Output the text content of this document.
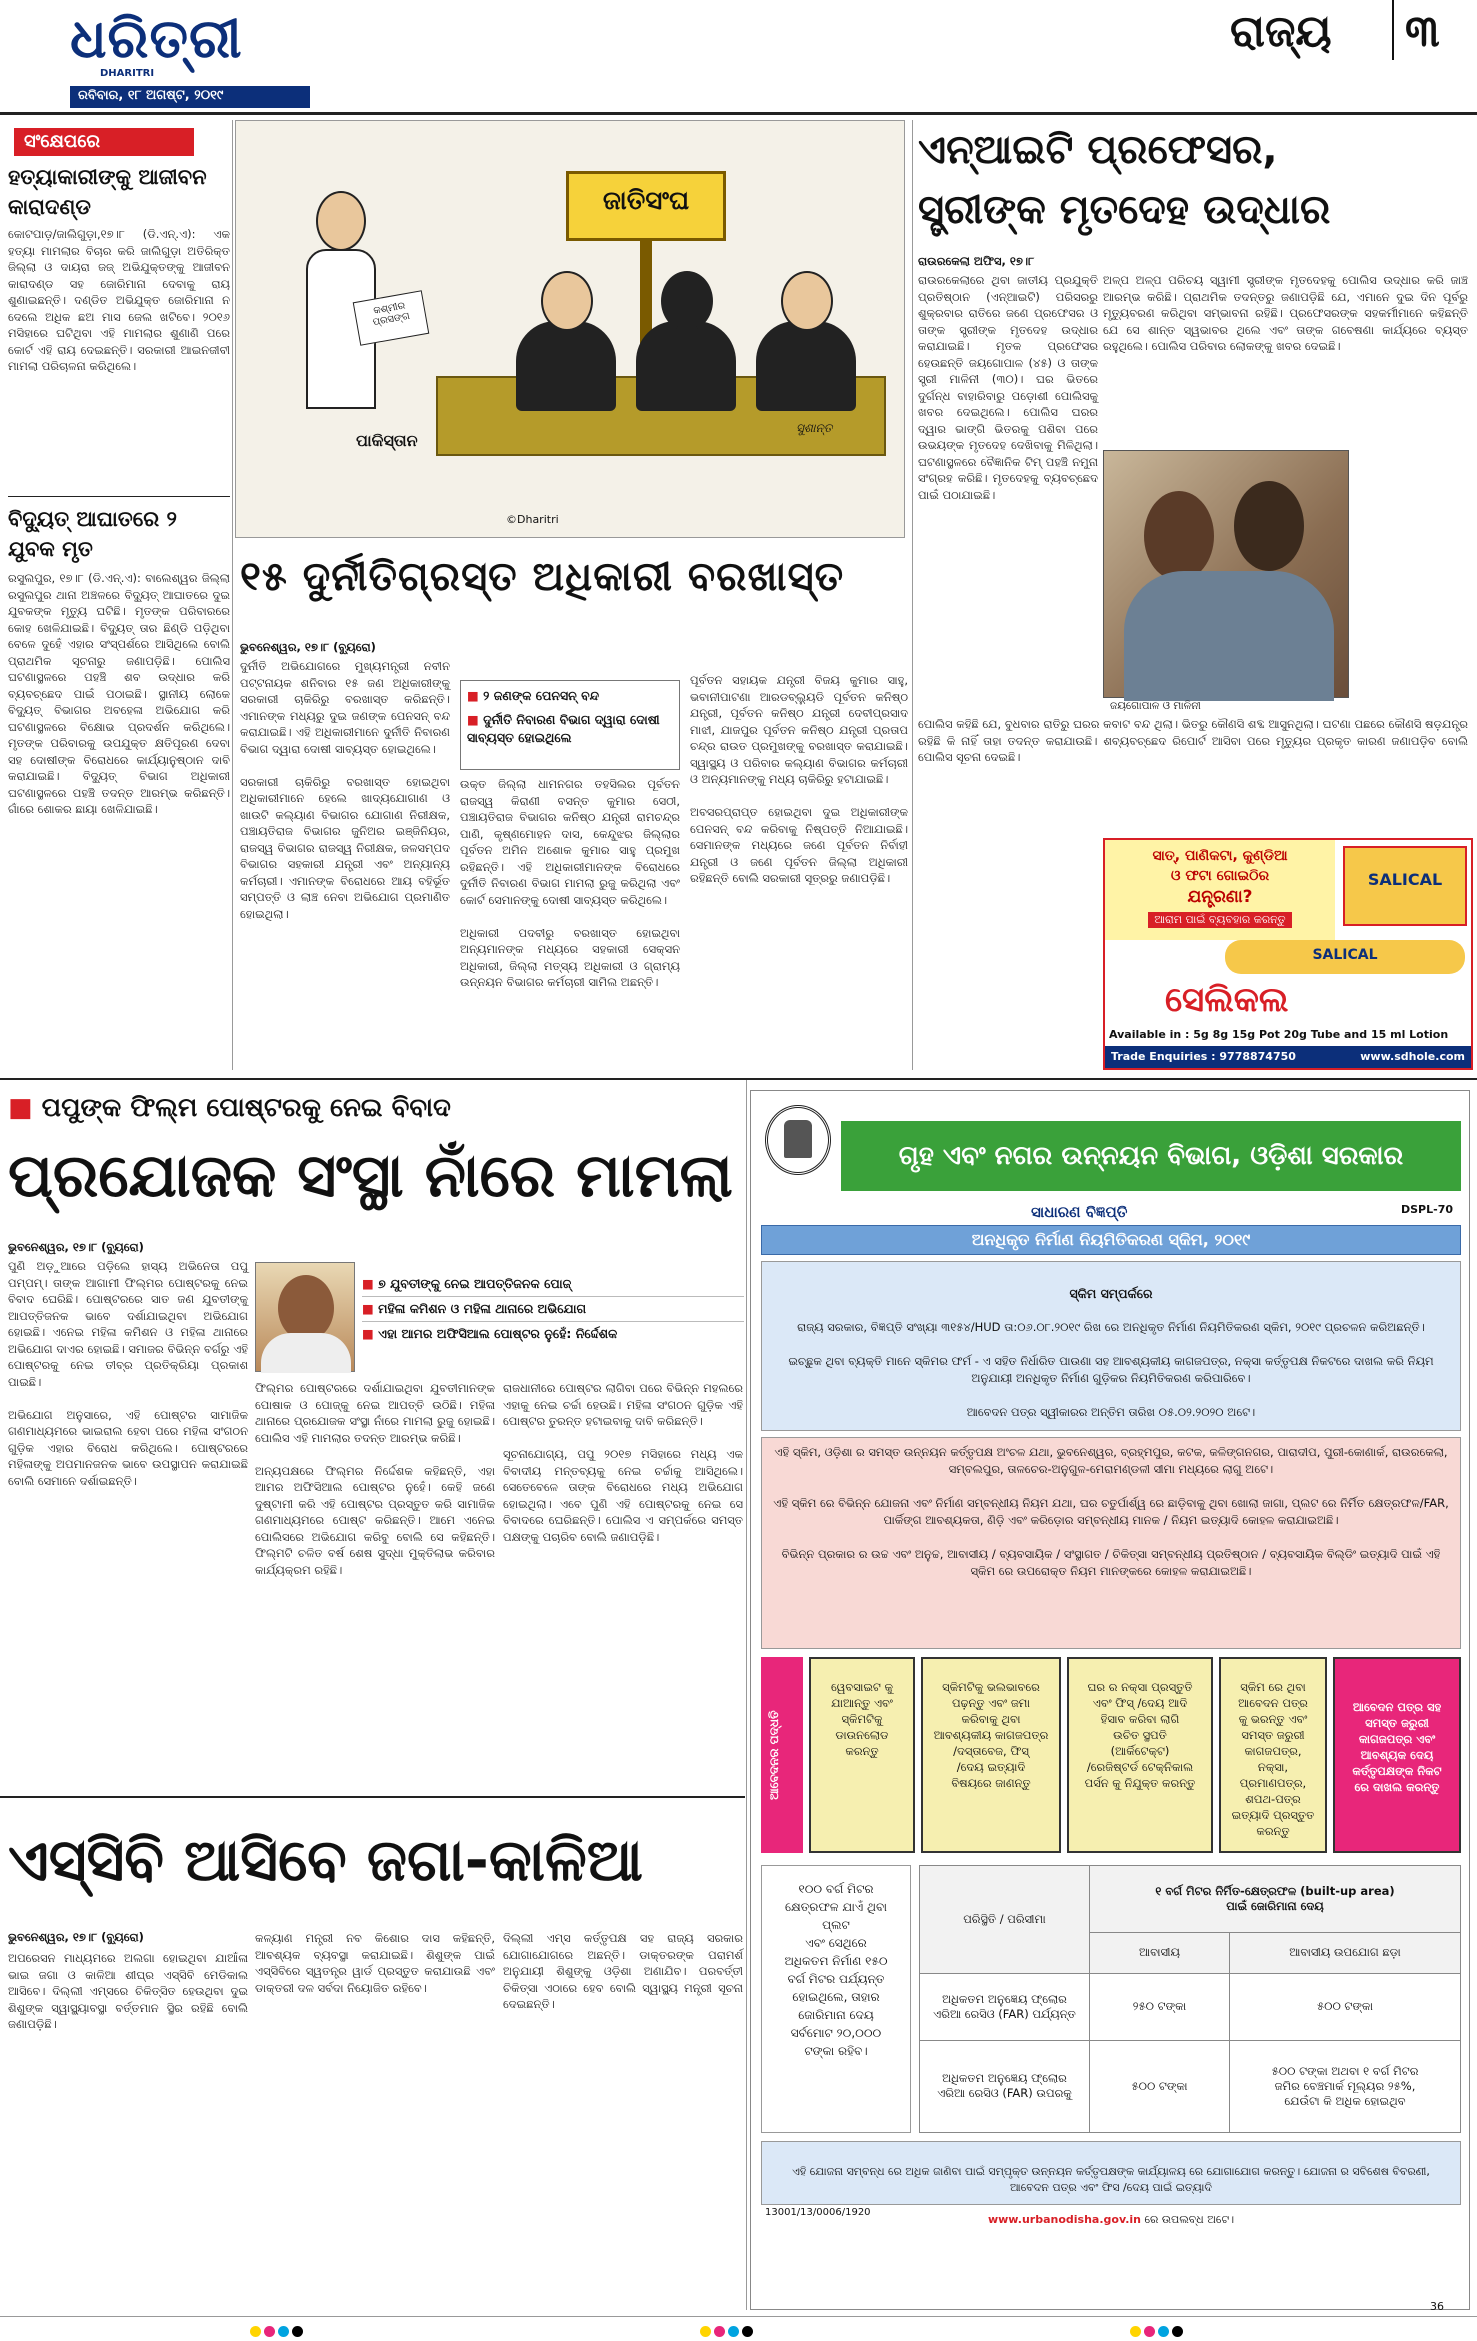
ଧରିତ୍ରୀ
DHARITRI
ରବିବାର, ୧୮ ଅଗଷ୍ଟ, ୨୦୧୯
ରାଜ୍ୟ ୩
ସଂକ୍ଷେପରେ
ହତ୍ୟାକାରୀଙ୍କୁ ଆଜୀବନ କାରାଦଣ୍ଡ
କୋଟପାଡ଼/ଜାଲିଗୁଡ଼ା,୧୭।୮ (ଡି.ଏନ୍.ଏ): ଏକ ହତ୍ୟା ମାମଲାର ବିଚାର କରି ଜାଲିଗୁଡ଼ା ଅତିରିକ୍ତ ଜିଲ୍ଲା ଓ ଦାୟରା ଜଜ୍ ଅଭିଯୁକ୍ତଙ୍କୁ ଆଜୀବନ କାରାଦଣ୍ଡ ସହ ଜୋରିମାନା ଦେବାକୁ ରାୟ ଶୁଣାଇଛନ୍ତି। ଦଣ୍ଡିତ ଅଭିଯୁକ୍ତ ଜୋରିମାନା ନ ଦେଲେ ଅଧିକ ଛଅ ମାସ ଜେଲ ଖଟିବେ। ୨୦୧୬ ମସିହାରେ ଘଟିଥିବା ଏହି ମାମଲାର ଶୁଣାଣି ପରେ କୋର୍ଟ ଏହି ରାୟ ଦେଇଛନ୍ତି। ସରକାରୀ ଆଇନଜୀବୀ ମାମଲା ପରିଚାଳନା କରିଥିଲେ।
ବିଦ୍ୟୁତ୍ ଆଘାତରେ ୨ ଯୁବକ ମୃତ
ରସୁଲପୁର, ୧୭।୮ (ଡି.ଏନ୍.ଏ): ବାଲେଶ୍ୱର ଜିଲ୍ଲା ରସୁଲପୁର ଥାନା ଅଞ୍ଚଳରେ ବିଦ୍ୟୁତ୍ ଆଘାତରେ ଦୁଇ ଯୁବକଙ୍କ ମୃତ୍ୟୁ ଘଟିଛି। ମୃତଙ୍କ ପରିବାରରେ କୋହ ଖେଳିଯାଇଛି। ବିଦ୍ୟୁତ୍ ତାର ଛିଣ୍ଡି ପଡ଼ିଥିବା ବେଳେ ଦୁହେଁ ଏହାର ସଂସ୍ପର୍ଶରେ ଆସିଥିଲେ ବୋଲି ପ୍ରାଥମିକ ସୂଚନାରୁ ଜଣାପଡ଼ିଛି। ପୋଲିସ ଘଟଣାସ୍ଥଳରେ ପହଞ୍ଚି ଶବ ଉଦ୍ଧାର କରି ବ୍ୟବଚ୍ଛେଦ ପାଇଁ ପଠାଇଛି। ସ୍ଥାନୀୟ ଲୋକେ ବିଦ୍ୟୁତ୍ ବିଭାଗର ଅବହେଳା ଅଭିଯୋଗ କରି ଘଟଣାସ୍ଥଳରେ ବିକ୍ଷୋଭ ପ୍ରଦର୍ଶନ କରିଥିଲେ। ମୃତଙ୍କ ପରିବାରକୁ ଉପଯୁକ୍ତ କ୍ଷତିପୂରଣ ଦେବା ସହ ଦୋଷୀଙ୍କ ବିରୋଧରେ କାର୍ଯ୍ୟାନୁଷ୍ଠାନ ଦାବି କରାଯାଇଛି। ବିଦ୍ୟୁତ୍ ବିଭାଗ ଅଧିକାରୀ ଘଟଣାସ୍ଥଳରେ ପହଞ୍ଚି ତଦନ୍ତ ଆରମ୍ଭ କରିଛନ୍ତି। ଗାଁରେ ଶୋକର ଛାୟା ଖେଳିଯାଇଛି।
ଜାତିସଂଘ
କଶ୍ମୀର ପ୍ରସଙ୍ଗ
ପାକିସ୍ତାନ
©Dharitri
ସୁଶାନ୍ତ
ଏନ୍‌ଆଇଟି ପ୍ରଫେସର,
ସ୍ତ୍ରୀଙ୍କ ମୃତଦେହ ଉଦ୍ଧାର
ରାଉରକେଲା ଅଫିସ, ୧୭।୮
ରାଉରକେଲାରେ ଥିବା ଜାତୀୟ ପ୍ରଯୁକ୍ତି ପ୍ରତିଷ୍ଠାନ (ଏନ୍‌ଆଇଟି) ପରିସରରୁ ଶୁକ୍ରବାର ରାତିରେ ଜଣେ ପ୍ରଫେସର ଓ ତାଙ୍କ ସ୍ତ୍ରୀଙ୍କ ମୃତଦେହ ଉଦ୍ଧାର କରାଯାଇଛି। ମୃତକ ପ୍ରଫେସର ହେଉଛନ୍ତି ଜୟଗୋପାଳ (୪୫) ଓ ତାଙ୍କ ସ୍ତ୍ରୀ ମାଳିନୀ (୩୦)। ଘର ଭିତରେ ଦୁର୍ଗନ୍ଧ ବାହାରିବାରୁ ପଡ଼ୋଶୀ ପୋଲିସକୁ ଖବର ଦେଇଥିଲେ। ପୋଲିସ ଘରର ଦ୍ୱାର ଭାଙ୍ଗି ଭିତରକୁ ପଶିବା ପରେ ଉଭୟଙ୍କ ମୃତଦେହ ଦେଖିବାକୁ ମିଳିଥିଲା। ଘଟଣାସ୍ଥଳରେ ବୈଜ୍ଞାନିକ ଟିମ୍ ପହଞ୍ଚି ନମୁନା ସଂଗ୍ରହ କରିଛି। ମୃତଦେହକୁ ବ୍ୟବଚ୍ଛେଦ ପାଇଁ ପଠାଯାଇଛି।
ଅଳ୍ପ ଅଳ୍ପ ପରିଚୟ ସ୍ୱାମୀ ସ୍ତ୍ରୀଙ୍କ ମୃତଦେହକୁ ପୋଲିସ ଉଦ୍ଧାର କରି ଜାଞ୍ଚ ଆରମ୍ଭ କରିଛି। ପ୍ରାଥମିକ ତଦନ୍ତରୁ ଜଣାପଡ଼ିଛି ଯେ, ଏମାନେ ଦୁଇ ଦିନ ପୂର୍ବରୁ ମୃତ୍ୟୁବରଣ କରିଥିବା ସମ୍ଭାବନା ରହିଛି। ପ୍ରଫେସରଙ୍କ ସହକର୍ମୀମାନେ କହିଛନ୍ତି ଯେ ସେ ଶାନ୍ତ ସ୍ୱଭାବର ଥିଲେ ଏବଂ ତାଙ୍କ ଗବେଷଣା କାର୍ଯ୍ୟରେ ବ୍ୟସ୍ତ ରହୁଥିଲେ। ପୋଲିସ ପରିବାର ଲୋକଙ୍କୁ ଖବର ଦେଇଛି।
ଜୟଗୋପାଳ ଓ ମାଳିନୀ
ପୋଲିସ କହିଛି ଯେ, ବୁଧବାର ରାତିରୁ ଘରର କବାଟ ବନ୍ଦ ଥିଲା। ଭିତରୁ କୌଣସି ଶବ୍ଦ ଆସୁନଥିଲା। ଘଟଣା ପଛରେ କୌଣସି ଷଡ଼ଯନ୍ତ୍ର ରହିଛି କି ନାହିଁ ତାହା ତଦନ୍ତ କରାଯାଉଛି। ଶବ୍ୟବଚ୍ଛେଦ ରିପୋର୍ଟ ଆସିବା ପରେ ମୃତ୍ୟୁର ପ୍ରକୃତ କାରଣ ଜଣାପଡ଼ିବ ବୋଲି ପୋଲିସ ସୂଚନା ଦେଇଛି।
୧୫ ଦୁର୍ନୀତିଗ୍ରସ୍ତ ଅଧିକାରୀ ବରଖାସ୍ତ
ଭୁବନେଶ୍ୱର, ୧୭।୮ (ବ୍ୟୁରୋ)
ଦୁର୍ନୀତି ଅଭିଯୋଗରେ ମୁଖ୍ୟମନ୍ତ୍ରୀ ନବୀନ ପଟ୍ଟନାୟକ ଶନିବାର ୧୫ ଜଣ ଅଧିକାରୀଙ୍କୁ ସରକାରୀ ଚାକିରିରୁ ବରଖାସ୍ତ କରିଛନ୍ତି। ଏମାନଙ୍କ ମଧ୍ୟରୁ ଦୁଇ ଜଣଙ୍କ ପେନସନ୍ ବନ୍ଦ କରାଯାଇଛି। ଏହି ଅଧିକାରୀମାନେ ଦୁର୍ନୀତି ନିବାରଣ ବିଭାଗ ଦ୍ୱାରା ଦୋଷୀ ସାବ୍ୟସ୍ତ ହୋଇଥିଲେ।

ସରକାରୀ ଚାକିରିରୁ ବରଖାସ୍ତ ହୋଇଥିବା ଅଧିକାରୀମାନେ ହେଲେ ଖାଦ୍ୟଯୋଗାଣ ଓ ଖାଉଟି କଲ୍ୟାଣ ବିଭାଗର ଯୋଗାଣ ନିରୀକ୍ଷକ, ପଞ୍ଚାୟତିରାଜ ବିଭାଗର ଜୁନିଅର ଇଞ୍ଜିନିୟର, ରାଜସ୍ୱ ବିଭାଗର ରାଜସ୍ୱ ନିରୀକ୍ଷକ, ଜଳସମ୍ପଦ ବିଭାଗର ସହକାରୀ ଯନ୍ତ୍ରୀ ଏବଂ ଅନ୍ୟାନ୍ୟ କର୍ମଚାରୀ। ଏମାନଙ୍କ ବିରୋଧରେ ଆୟ ବହିର୍ଭୂତ ସମ୍ପତ୍ତି ଓ ଲାଞ୍ଚ ନେବା ଅଭିଯୋଗ ପ୍ରମାଣିତ ହୋଇଥିଲା।
■ ୨ ଜଣଙ୍କ ପେନସନ୍ ବନ୍ଦ
■ ଦୁର୍ନୀତି ନିବାରଣ ବିଭାଗ ଦ୍ୱାରା ଦୋଷୀ ସାବ୍ୟସ୍ତ ହୋଇଥିଲେ
ଉକ୍ତ ଜିଲ୍ଲା ଧାମନଗର ତହସିଲର ପୂର୍ବତନ ରାଜସ୍ୱ କିରାଣୀ ବସନ୍ତ କୁମାର ସେଠୀ, ପଞ୍ଚାୟତିରାଜ ବିଭାଗର କନିଷ୍ଠ ଯନ୍ତ୍ରୀ ରାମଚନ୍ଦ୍ର ପାଣି, କୃଷ୍ଣମୋହନ ଦାସ, କେନ୍ଦୁଝର ଜିଲ୍ଲାର ପୂର୍ବତନ ଅମିନ ଅଶୋକ କୁମାର ସାହୁ ପ୍ରମୁଖ ରହିଛନ୍ତି। ଏହି ଅଧିକାରୀମାନଙ୍କ ବିରୋଧରେ ଦୁର୍ନୀତି ନିବାରଣ ବିଭାଗ ମାମଲା ରୁଜୁ କରିଥିଲା ଏବଂ କୋର୍ଟ ସେମାନଙ୍କୁ ଦୋଷୀ ସାବ୍ୟସ୍ତ କରିଥିଲେ।

ଅଧିକାରୀ ପଦବୀରୁ ବରଖାସ୍ତ ହୋଇଥିବା ଅନ୍ୟମାନଙ୍କ ମଧ୍ୟରେ ସହକାରୀ ସେକ୍ସନ ଅଧିକାରୀ, ଜିଲ୍ଲା ମତ୍ସ୍ୟ ଅଧିକାରୀ ଓ ଗ୍ରାମ୍ୟ ଉନ୍ନୟନ ବିଭାଗର କର୍ମଚାରୀ ସାମିଲ ଅଛନ୍ତି।
ପୂର୍ବତନ ସହାୟକ ଯନ୍ତ୍ରୀ ବିଜୟ କୁମାର ସାହୁ, ଭବାନୀପାଟଣା ଆରଡବ୍ଲ୍ୟୁଡି ପୂର୍ବତନ କନିଷ୍ଠ ଯନ୍ତ୍ରୀ, ପୂର୍ବତନ କନିଷ୍ଠ ଯନ୍ତ୍ରୀ ଦେବୀପ୍ରସାଦ ମାଝୀ, ଯାଜପୁର ପୂର୍ବତନ କନିଷ୍ଠ ଯନ୍ତ୍ରୀ ପ୍ରତାପ ଚନ୍ଦ୍ର ରାଉତ ପ୍ରମୁଖଙ୍କୁ ବରଖାସ୍ତ କରାଯାଇଛି। ସ୍ୱାସ୍ଥ୍ୟ ଓ ପରିବାର କଲ୍ୟାଣ ବିଭାଗର କର୍ମଚାରୀ ଓ ଅନ୍ୟମାନଙ୍କୁ ମଧ୍ୟ ଚାକିରିରୁ ହଟାଯାଇଛି।

ଅବସରପ୍ରାପ୍ତ ହୋଇଥିବା ଦୁଇ ଅଧିକାରୀଙ୍କ ପେନସନ୍ ବନ୍ଦ କରିବାକୁ ନିଷ୍ପତ୍ତି ନିଆଯାଇଛି। ସେମାନଙ୍କ ମଧ୍ୟରେ ଜଣେ ପୂର୍ବତନ ନିର୍ବାହୀ ଯନ୍ତ୍ରୀ ଓ ଜଣେ ପୂର୍ବତନ ଜିଲ୍ଲା ଅଧିକାରୀ ରହିଛନ୍ତି ବୋଲି ସରକାରୀ ସୂତ୍ରରୁ ଜଣାପଡ଼ିଛି।
ସାତ୍, ପାଣିକଟା, କୁଣ୍ଡିଆ
ଓ ଫଟା ଗୋଇଠିର
ଯନ୍ତ୍ରଣା?
ଆରାମ ପାଇଁ ବ୍ୟବହାର କରନ୍ତୁ
SALICAL
SALICAL
ସେଲିକଲ
Available in : 5g 8g 15g Pot 20g Tube and 15 ml Lotion
Trade Enquiries : 9778874750	www.sdhole.com
■ ପପୁଙ୍କ ଫିଲ୍ମ ପୋଷ୍ଟରକୁ ନେଇ ବିବାଦ
ପ୍ରଯୋଜକ ସଂସ୍ଥା ନାଁରେ ମାମଲା
ଭୁବନେଶ୍ୱର, ୧୭।୮ (ବ୍ୟୁରୋ)
ପୁଣି ଅଡ଼ୁଆରେ ପଡ଼ିଲେ ହାସ୍ୟ ଅଭିନେତା ପପୁ ପମ୍‌ପମ୍। ତାଙ୍କ ଆଗାମୀ ଫିଲ୍ମର ପୋଷ୍ଟରକୁ ନେଇ ବିବାଦ ଘେରିଛି। ପୋଷ୍ଟରରେ ସାତ ଜଣ ଯୁବତୀଙ୍କୁ ଆପତ୍ତିଜନକ ଭାବେ ଦର୍ଶାଯାଇଥିବା ଅଭିଯୋଗ ହୋଇଛି। ଏନେଇ ମହିଳା କମିଶନ ଓ ମହିଳା ଥାନାରେ ଅଭିଯୋଗ ଦାଏର ହୋଇଛି। ସମାଜର ବିଭିନ୍ନ ବର୍ଗରୁ ଏହି ପୋଷ୍ଟରକୁ ନେଇ ତୀବ୍ର ପ୍ରତିକ୍ରିୟା ପ୍ରକାଶ ପାଇଛି।

ଅଭିଯୋଗ ଅନୁସାରେ, ଏହି ପୋଷ୍ଟର ସାମାଜିକ ଗଣମାଧ୍ୟମରେ ଭାଇରାଲ ହେବା ପରେ ମହିଳା ସଂଗଠନ ଗୁଡ଼ିକ ଏହାର ବିରୋଧ କରିଥିଲେ। ପୋଷ୍ଟରରେ ମହିଳାଙ୍କୁ ଅପମାନଜନକ ଭାବେ ଉପସ୍ଥାପନ କରାଯାଇଛି ବୋଲି ସେମାନେ ଦର୍ଶାଇଛନ୍ତି।
■ ୭ ଯୁବତୀଙ୍କୁ ନେଇ ଆପତ୍ତିଜନକ ପୋଜ୍
■ ମହିଳା କମିଶନ ଓ ମହିଳା ଥାନାରେ ଅଭିଯୋଗ
■ ଏହା ଆମର ଅଫିସିଆଲ ପୋଷ୍ଟର ନୁହେଁ: ନିର୍ଦ୍ଦେଶକ
ଫିଲ୍ମର ପୋଷ୍ଟରରେ ଦର୍ଶାଯାଇଥିବା ଯୁବତୀମାନଙ୍କ ପୋଷାକ ଓ ପୋଜ୍‌କୁ ନେଇ ଆପତ୍ତି ଉଠିଛି। ମହିଳା ଥାନାରେ ପ୍ରଯୋଜକ ସଂସ୍ଥା ନାଁରେ ମାମଲା ରୁଜୁ ହୋଇଛି। ପୋଲିସ ଏହି ମାମଲାର ତଦନ୍ତ ଆରମ୍ଭ କରିଛି।

ଅନ୍ୟପକ୍ଷରେ ଫିଲ୍ମର ନିର୍ଦ୍ଦେଶକ କହିଛନ୍ତି, ଏହା ଆମର ଅଫିସିଆଲ ପୋଷ୍ଟର ନୁହେଁ। କେହି ଜଣେ ଦୁଷ୍ଟାମୀ କରି ଏହି ପୋଷ୍ଟର ପ୍ରସ୍ତୁତ କରି ସାମାଜିକ ଗଣମାଧ୍ୟମରେ ପୋଷ୍ଟ କରିଛନ୍ତି। ଆମେ ଏନେଇ ପୋଲିସରେ ଅଭିଯୋଗ କରିବୁ ବୋଲି ସେ କହିଛନ୍ତି। ଫିଲ୍ମଟି ଚଳିତ ବର୍ଷ ଶେଷ ସୁଦ୍ଧା ମୁକ୍ତିଲାଭ କରିବାର କାର୍ଯ୍ୟକ୍ରମ ରହିଛି।
ରାଜଧାନୀରେ ପୋଷ୍ଟର ଲାଗିବା ପରେ ବିଭିନ୍ନ ମହଲରେ ଏହାକୁ ନେଇ ଚର୍ଚ୍ଚା ହେଉଛି। ମହିଳା ସଂଗଠନ ଗୁଡ଼ିକ ଏହି ପୋଷ୍ଟର ତୁରନ୍ତ ହଟାଇବାକୁ ଦାବି କରିଛନ୍ତି।

ସୂଚନାଯୋଗ୍ୟ, ପପୁ ୨୦୧୭ ମସିହାରେ ମଧ୍ୟ ଏକ ବିବାଦୀୟ ମନ୍ତବ୍ୟକୁ ନେଇ ଚର୍ଚ୍ଚାକୁ ଆସିଥିଲେ। ସେତେବେଳେ ତାଙ୍କ ବିରୋଧରେ ମଧ୍ୟ ଅଭିଯୋଗ ହୋଇଥିଲା। ଏବେ ପୁଣି ଏହି ପୋଷ୍ଟରକୁ ନେଇ ସେ ବିବାଦରେ ଘେରିଛନ୍ତି। ପୋଲିସ ଏ ସମ୍ପର୍କରେ ସମସ୍ତ ପକ୍ଷଙ୍କୁ ପଚାରିବ ବୋଲି ଜଣାପଡ଼ିଛି।
ଏସ୍‌ସିବି ଆସିବେ ଜଗା-କାଳିଆ
ଭୁବନେଶ୍ୱର, ୧୭।୮ (ବ୍ୟୁରୋ)
ଅପରେସନ ମାଧ୍ୟମରେ ଅଲଗା ହୋଇଥିବା ଯାଆଁଳା ଭାଇ ଜଗା ଓ କାଳିଆ ଶୀଘ୍ର ଏସ୍‌ସିବି ମେଡିକାଲ ଆସିବେ। ଦିଲ୍ଲୀ ଏମ୍ସରେ ଚିକିତ୍ସିତ ହେଉଥିବା ଦୁଇ ଶିଶୁଙ୍କ ସ୍ୱାସ୍ଥ୍ୟାବସ୍ଥା ବର୍ତ୍ତମାନ ସ୍ଥିର ରହିଛି ବୋଲି ଜଣାପଡ଼ିଛି।
କଳ୍ୟାଣ ମନ୍ତ୍ରୀ ନବ କିଶୋର ଦାସ କହିଛନ୍ତି, ଆବଶ୍ୟକ ବ୍ୟବସ୍ଥା କରାଯାଇଛି। ଶିଶୁଙ୍କ ପାଇଁ ଏସ୍‌ସିବିରେ ସ୍ୱତନ୍ତ୍ର ୱାର୍ଡ ପ୍ରସ୍ତୁତ କରାଯାଉଛି ଏବଂ ଡାକ୍ତରୀ ଦଳ ସର୍ବଦା ନିୟୋଜିତ ରହିବେ।
ଦିଲ୍ଲୀ ଏମ୍ସ କର୍ତ୍ତୃପକ୍ଷ ସହ ରାଜ୍ୟ ସରକାର ଯୋଗାଯୋଗରେ ଅଛନ୍ତି। ଡାକ୍ତରଙ୍କ ପରାମର୍ଶ ଅନୁଯାୟୀ ଶିଶୁଙ୍କୁ ଓଡ଼ିଶା ଅଣାଯିବ। ପରବର୍ତ୍ତୀ ଚିକିତ୍ସା ଏଠାରେ ହେବ ବୋଲି ସ୍ୱାସ୍ଥ୍ୟ ମନ୍ତ୍ରୀ ସୂଚନା ଦେଇଛନ୍ତି।
ଗୃହ ଏବଂ ନଗର ଉନ୍ନୟନ ବିଭାଗ, ଓଡ଼ିଶା ସରକାର
ସାଧାରଣ ବିଜ୍ଞପ୍ତି	DSPL-70
ଅନଧିକୃତ ନିର୍ମାଣ ନିୟମିତିକରଣ ସ୍କିମ, ୨୦୧୯

ସ୍କିମ ସମ୍ପର୍କରେ

ରାଜ୍ୟ ସରକାର, ବିଜ୍ଞପ୍ତି ସଂଖ୍ୟା ୩୧୫୪/HUD ତା:୦୬.୦୮.୨୦୧୯ ରିଖ ରେ ଅନଧିକୃତ ନିର୍ମାଣ ନିୟମିତିକରଣ ସ୍କିମ, ୨୦୧୯ ପ୍ରଚଳନ କରିଅଛନ୍ତି।

ଇଚ୍ଛୁକ ଥିବା ବ୍ୟକ୍ତି ମାନେ ସ୍କିମର ଫର୍ମ - ଏ ସହିତ ନିର୍ଧାରିତ ପାଉଣା ସହ ଆବଶ୍ୟକୀୟ କାଗଜପତ୍ର, ନକ୍ସା କର୍ତ୍ତୃପକ୍ଷ ନିକଟରେ ଦାଖଲ କରି ନିୟମ ଅନୁଯାୟୀ ଅନଧିକୃତ ନିର୍ମାଣ ଗୁଡ଼ିକର ନିୟମିତିକରଣ କରିପାରିବେ।

ଆବେଦନ ପତ୍ର ସ୍ୱୀକାରର ଅନ୍ତିମ ତାରିଖ ୦୫.୦୨.୨୦୨୦ ଅଟେ।

ଏହି ସ୍କିମ, ଓଡ଼ିଶା ର ସମସ୍ତ ଉନ୍ନୟନ କର୍ତ୍ତୃପକ୍ଷ ଅଂଚଳ ଯଥା, ଭୁବନେଶ୍ୱର, ବ୍ରହ୍ମପୁର, କଟକ, କଳିଙ୍ଗନଗର, ପାରାଦୀପ, ପୁରୀ-କୋଣାର୍କ, ରାଉରକେଲା, ସମ୍ବଲପୁର, ତାଳଚେର-ଅନୁଗୁଳ-ମେରାମଣ୍ଡଳୀ ସୀମା ମଧ୍ୟରେ ଲାଗୁ ଅଟେ।

ଏହି ସ୍କିମ ରେ ବିଭିନ୍ନ ଯୋଜନା ଏବଂ ନିର୍ମାଣ ସମ୍ବନ୍ଧୀୟ ନିୟମ ଯଥା, ଘର ଚତୁର୍ପାର୍ଶ୍ୱ ରେ ଛାଡ଼ିବାକୁ ଥିବା ଖୋଲା ଜାଗା, ପ୍ଲଟ ରେ ନିର୍ମିତ କ୍ଷେତ୍ରଫଳ/FAR, ପାର୍କିଙ୍ଗ ଆବଶ୍ୟକତା, ଣିଡ଼ି ଏବଂ କରିଡ଼ୋର ସମ୍ବନ୍ଧୀୟ ମାନକ / ନିୟମ ଇତ୍ୟାଦି କୋହଳ କରାଯାଇଅଛି।

ବିଭିନ୍ନ ପ୍ରକାର ର ଉଚ୍ଚ ଏବଂ ଅନୁଚ୍ଚ, ଆବାସୀୟ / ବ୍ୟବସାୟିକ / ସଂସ୍ଥାଗତ / ଚିକିତ୍ସା ସମ୍ବନ୍ଧୀୟ ପ୍ରତିଷ୍ଠାନ / ବ୍ୟବସାୟିକ ବିଲ୍ଡିଂ ଇତ୍ୟାଦି ପାଇଁ ଏହି ସ୍କିମ ରେ ଉପରୋକ୍ତ ନିୟମ ମାନଙ୍କରେ କୋହଳ କରାଯାଇଅଛି।
ଆବେଦନର ପଦ୍ଧତି
ୱେବସାଇଟ କୁ
ଯାଆନ୍ତୁ ଏବଂ
ସ୍କିମଟିକୁ
ଡାଉନଲୋଡ
କରନ୍ତୁ
ସ୍କିମଟିକୁ ଭଲଭାବରେ
ପଢ଼ନ୍ତୁ ଏବଂ ଜମା
କରିବାକୁ ଥିବା
ଆବଶ୍ୟକୀୟ କାଗଜପତ୍ର
/ଦସ୍ତାବେଜ, ଫିସ୍
/ଦେୟ ଇତ୍ୟାଦି
ବିଷୟରେ ଜାଣନ୍ତୁ
ଘର ର ନକ୍ସା ପ୍ରସ୍ତୁତି
ଏବଂ ଫିସ୍ /ଦେୟ ଆଦି
ହିସାବ କରିବା ଲାଗି
ଉଚିତ ସ୍ଥପତି
(ଆର୍କିଟେକ୍ଟ)
/ରେଜିଷ୍ଟର୍ଡ ଟେକ୍ନିକାଲ
ପର୍ସନ କୁ ନିଯୁକ୍ତ କରନ୍ତୁ
ସ୍କିମ ରେ ଥିବା
ଆବେଦନ ପତ୍ର
କୁ ଭରନ୍ତୁ ଏବଂ
ସମସ୍ତ ଜରୁରୀ
କାଗଜପତ୍ର,
ନକ୍ସା,
ପ୍ରମାଣପତ୍ର,
ଶପଥ-ପତ୍ର
ଇତ୍ୟାଦି ପ୍ରସ୍ତୁତ
କରନ୍ତୁ
ଆବେଦନ ପତ୍ର ସହ
ସମସ୍ତ ଜରୁରୀ
କାଗଜପତ୍ର ଏବଂ
ଆବଶ୍ୟକ ଦେୟ
କର୍ତ୍ତୃପକ୍ଷଙ୍କ ନିକଟ
ରେ ଦାଖଲ କରନ୍ତୁ
୧୦୦ ବର୍ଗ ମିଟର
କ୍ଷେତ୍ରଫଳ ଯାଏଁ ଥିବା ପ୍ଲଟ
ଏବଂ ସେଥିରେ
ଅଧିକତମ ନିର୍ମାଣ ୧୫୦
ବର୍ଗ ମିଟର ପର୍ଯ୍ୟନ୍ତ
ହୋଇଥିଲେ, ତାହାର
ଜୋରିମାନା ଦେୟ
ସର୍ବମୋଟ ୨୦,୦୦୦
ଟଙ୍କା ରହିବ।
ପରିସ୍ଥିତି / ପରିସୀମା	୧ ବର୍ଗ ମିଟର ନିର୍ମିତ-କ୍ଷେତ୍ରଫଳ (built-up area)
ପାଇଁ ଜୋରିମାନା ଦେୟ	
	ଆବାସୀୟ	ଆବାସୀୟ ଉପଯୋଗ ଛଡ଼ା
ଅଧିକତମ ଅନୁଜ୍ଞେୟ ଫ୍ଲୋର
ଏରିଆ ରେସିଓ (FAR) ପର୍ଯ୍ୟନ୍ତ	୨୫୦ ଟଙ୍କା	୫୦୦ ଟଙ୍କା
ଅଧିକତମ ଅନୁଜ୍ଞେୟ ଫ୍ଲୋର
ଏରିଆ ରେସିଓ (FAR) ଉପରକୁ	୫୦୦ ଟଙ୍କା	୫୦୦ ଟଙ୍କା ଅଥବା ୧ ବର୍ଗ ମିଟର
ଜମିର ବେଞ୍ଚମାର୍କ ମୂଲ୍ୟର ୨୫%,
ଯେଉଁଟା କି ଅଧିକ ହୋଇଥିବ

ଏହି ଯୋଜନା ସମ୍ବନ୍ଧ ରେ ଅଧିକ ଜାଣିବା ପାଇଁ ସମ୍ପୃକ୍ତ ଉନ୍ନୟନ କର୍ତ୍ତୃପକ୍ଷଙ୍କ କାର୍ଯ୍ୟାଳୟ ରେ ଯୋଗାଯୋଗ କରନ୍ତୁ। ଯୋଜନା ର ସବିଶେଷ ବିବରଣୀ, ଆବେଦନ ପତ୍ର ଏବଂ ଫିସ /ଦେୟ ପାଇଁ ଇତ୍ୟାଦି

www.urbanodisha.gov.in ରେ ଉପଲବ୍ଧ ଅଟେ।

13001/13/0006/1920
36
